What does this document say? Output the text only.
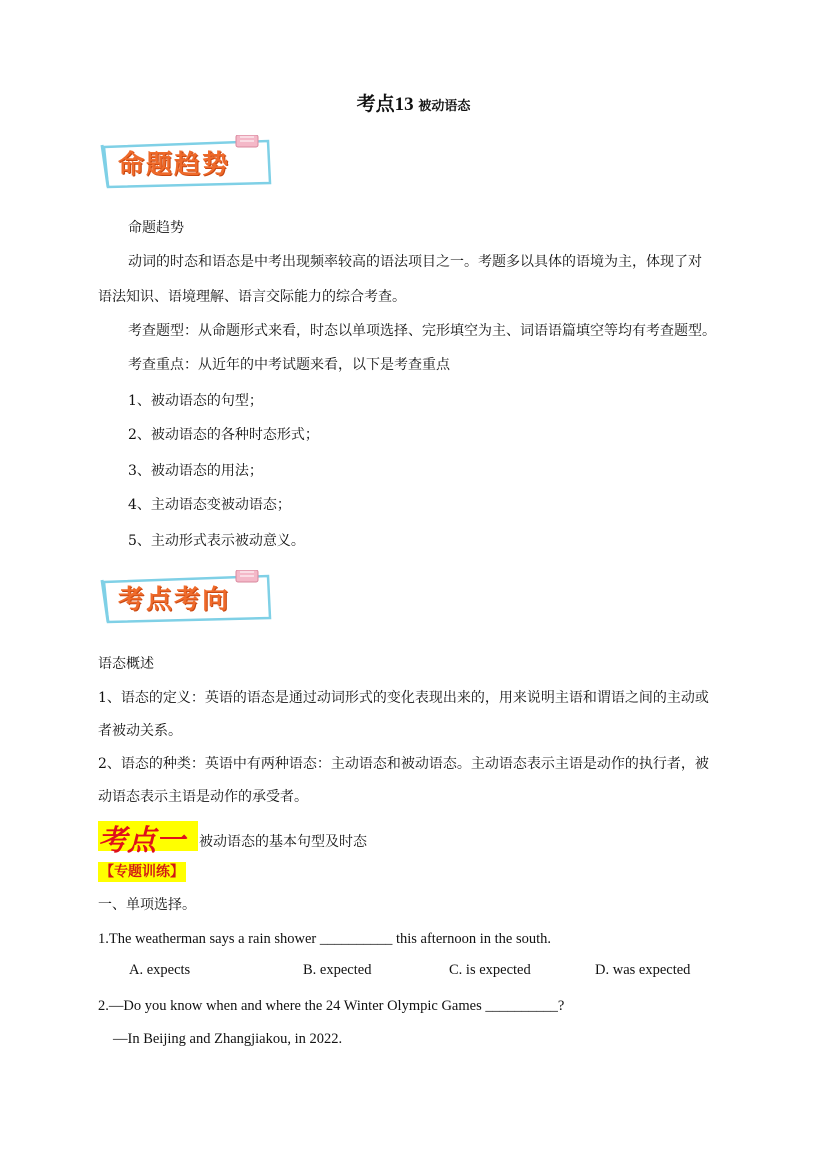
考点13 被动语态
命题趋势
命题趋势
动词的时态和语态是中考出现频率较高的语法项目之一。考题多以具体的语境为主，体现了对
语法知识、语境理解、语言交际能力的综合考查。
考查题型：从命题形式来看，时态以单项选择、完形填空为主、词语语篇填空等均有考查题型。
考查重点：从近年的中考试题来看，以下是考查重点
1、被动语态的句型；
2、被动语态的各种时态形式；
3、被动语态的用法；
4、主动语态变被动语态；
5、主动形式表示被动意义。
考点考向
语态概述
1、语态的定义：英语的语态是通过动词形式的变化表现出来的，用来说明主语和谓语之间的主动或
者被动关系。
2、语态的种类：英语中有两种语态：主动语态和被动语态。主动语态表示主语是动作的执行者，被
动语态表示主语是动作的承受者。
考点一 被动语态的基本句型及时态
【专题训练】
一、单项选择。
1.The weatherman says a rain shower __________ this afternoon in the south.
A. expects	B. expected	C. is expected	D. was expected
2.—Do you know when and where the 24 Winter Olympic Games __________?
—In Beijing and Zhangjiakou, in 2022.
